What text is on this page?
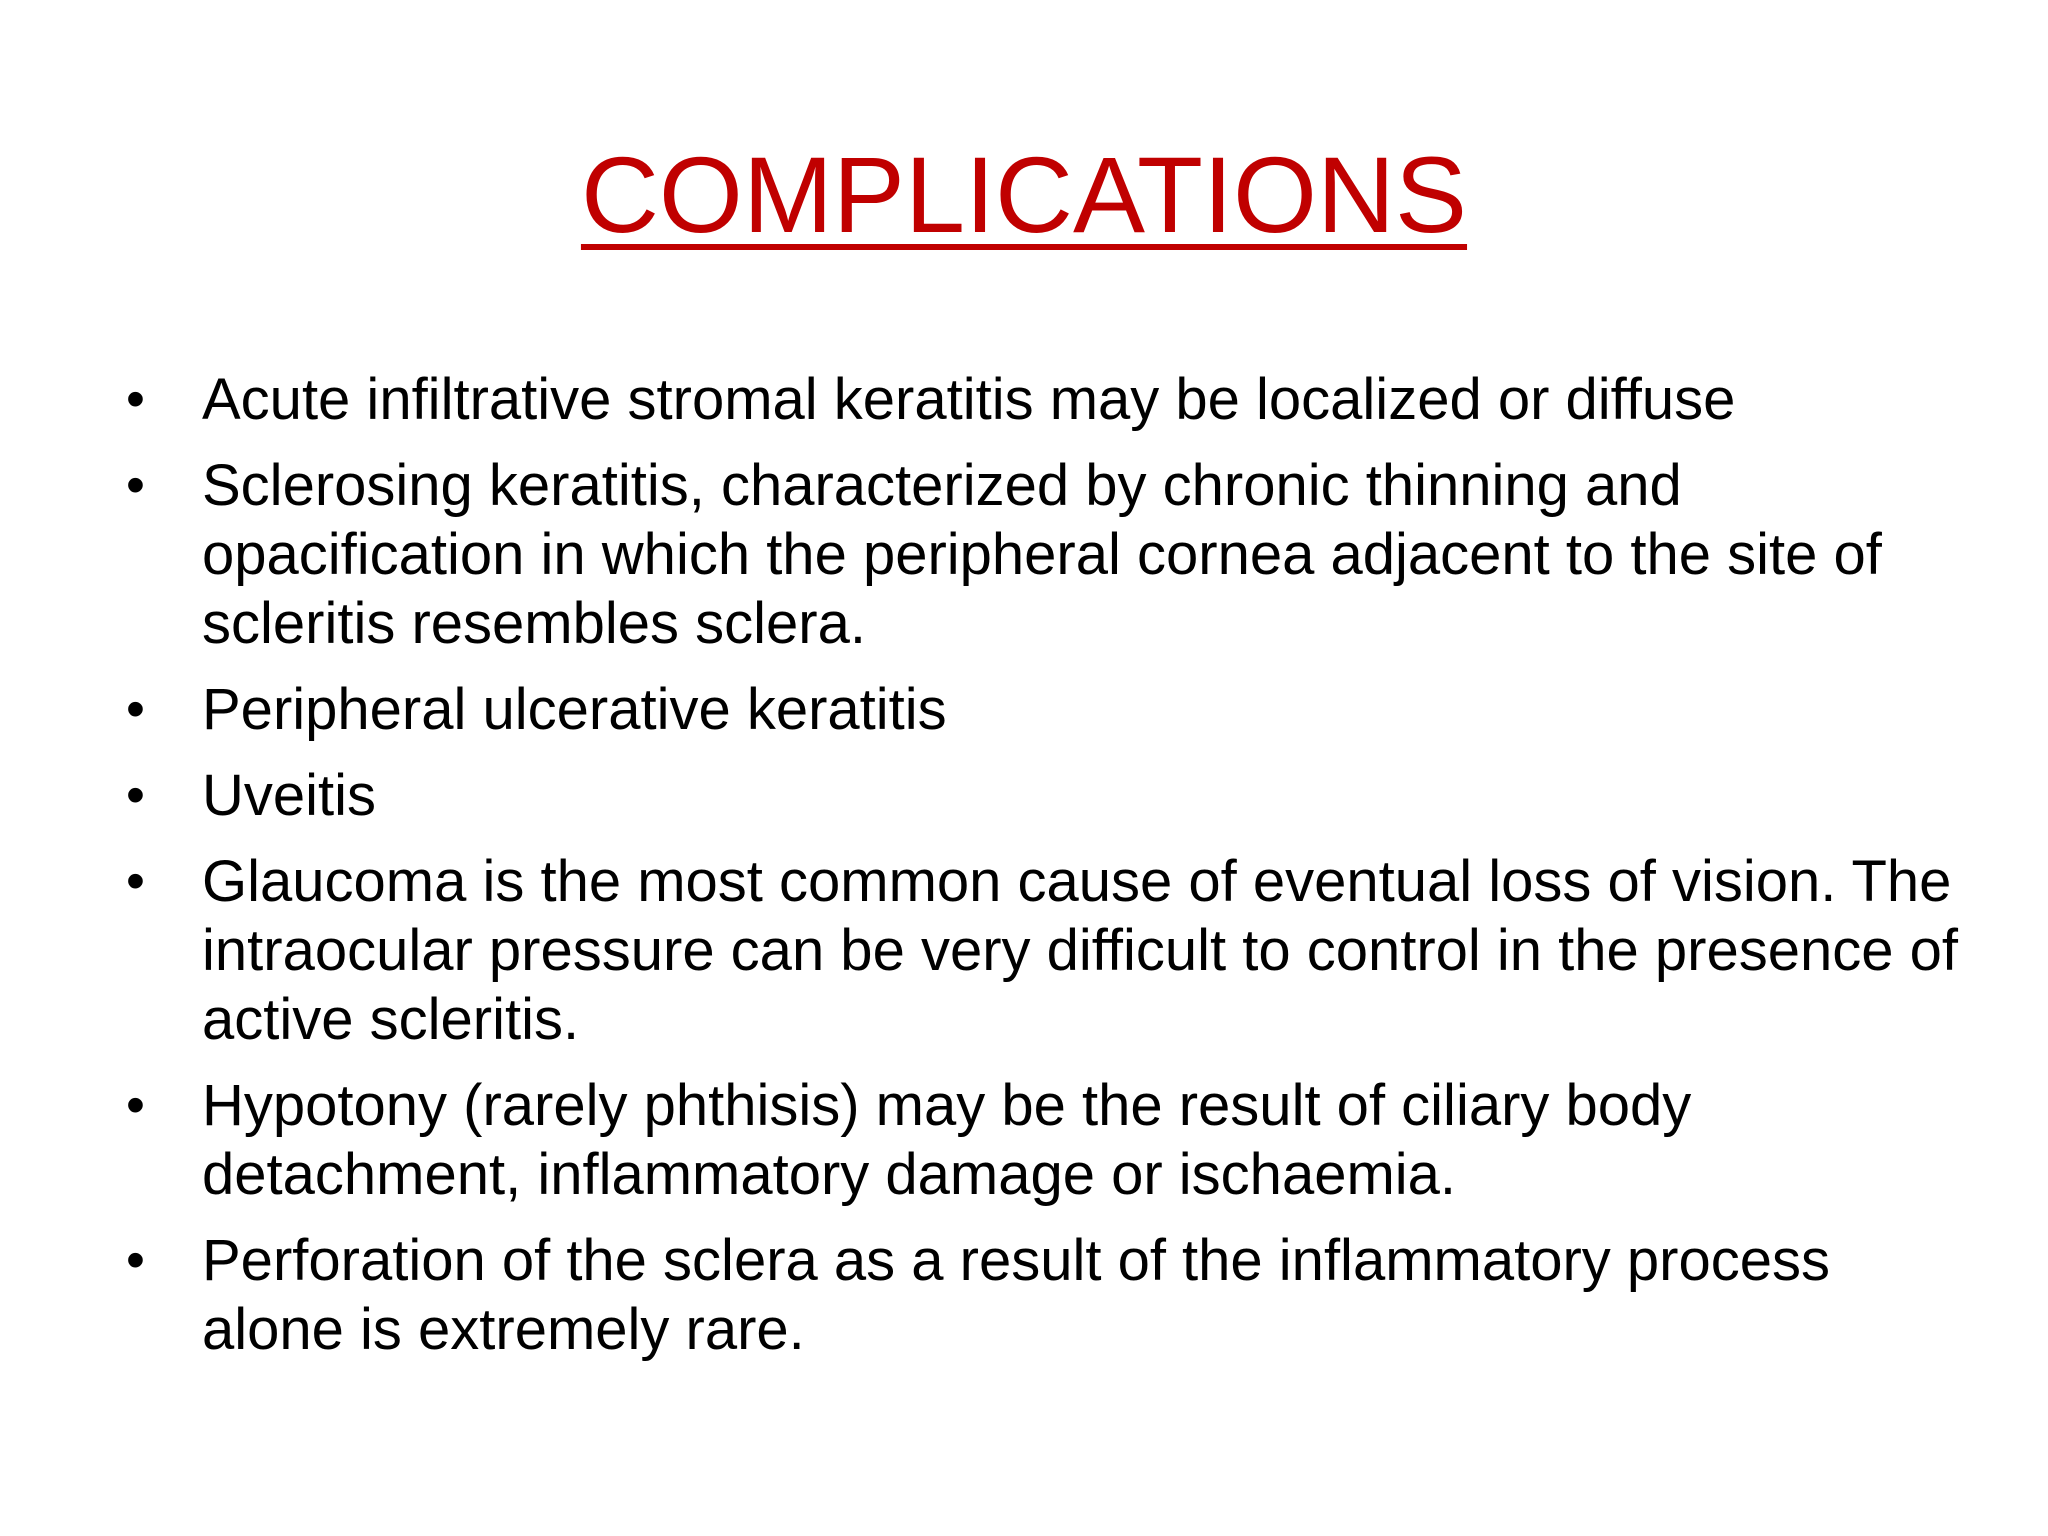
COMPLICATIONS
• Acute infiltrative stromal keratitis may be localized or diffuse
• Sclerosing keratitis, characterized by chronic thinning and opacification in which the peripheral cornea adjacent to the site of scleritis resembles sclera.
• Peripheral ulcerative keratitis
• Uveitis
• Glaucoma is the most common cause of eventual loss of vision. The intraocular pressure can be very difficult to control in the presence of active scleritis.
• Hypotony (rarely phthisis) may be the result of ciliary body detachment, inflammatory damage or ischaemia.
• Perforation of the sclera as a result of the inflammatory process alone is extremely rare.
